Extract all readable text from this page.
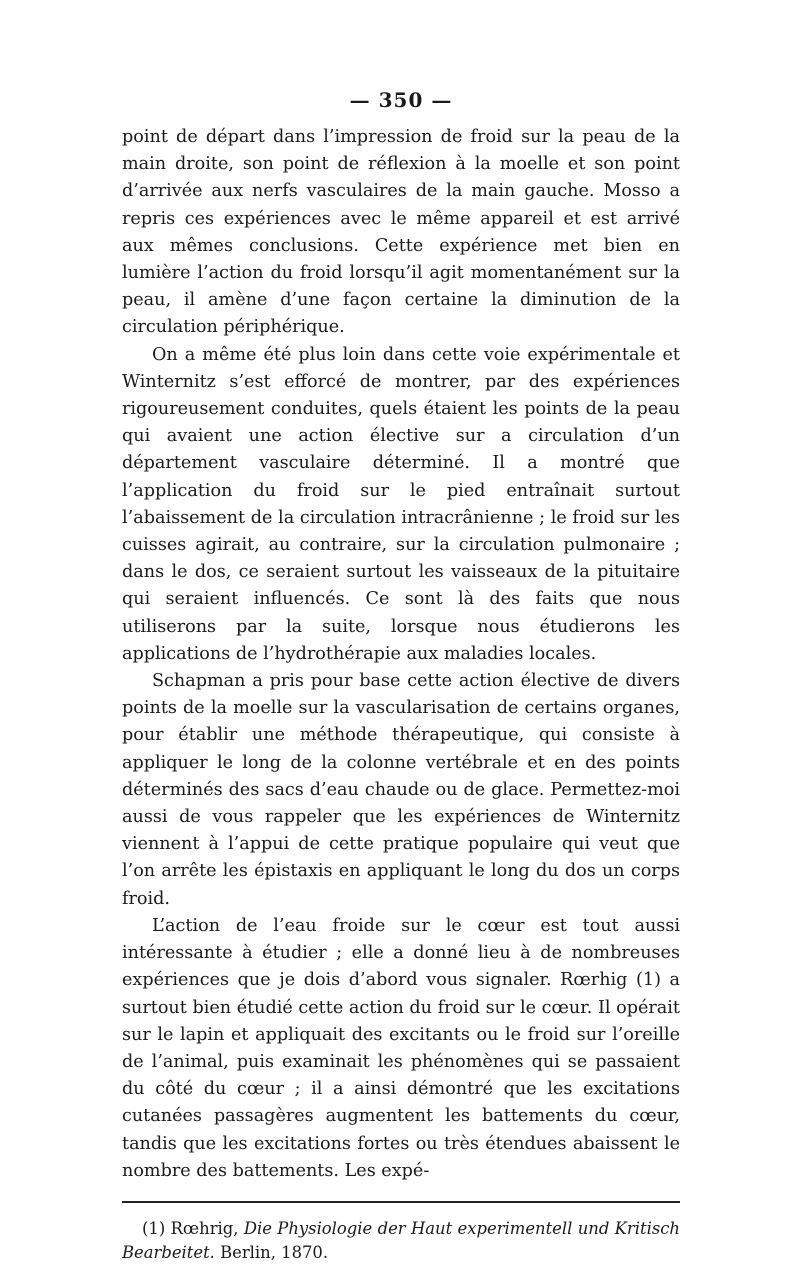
— 350 —

point de départ dans l’impression de froid sur la peau de la main droite, son point de réflexion à la moelle et son point d’arrivée aux nerfs vasculaires de la main gauche. Mosso a repris ces expériences avec le même appareil et est arrivé aux mêmes conclusions. Cette expérience met bien en lumière l’action du froid lorsqu’il agit momentanément sur la peau, il amène d’une façon certaine la diminution de la circulation périphérique.

On a même été plus loin dans cette voie expérimentale et Winternitz s’est efforcé de montrer, par des expériences rigoureusement conduites, quels étaient les points de la peau qui avaient une action élective sur a circulation d’un département vasculaire déterminé. Il a montré que l’application du froid sur le pied entraînait surtout l’abaissement de la circulation intracrânienne ; le froid sur les cuisses agirait, au contraire, sur la circulation pulmonaire ; dans le dos, ce seraient surtout les vaisseaux de la pituitaire qui seraient influencés. Ce sont là des faits que nous utiliserons par la suite, lorsque nous étudierons les applications de l’hydrothérapie aux maladies locales.

Schapman a pris pour base cette action élective de divers points de la moelle sur la vascularisation de certains organes, pour établir une méthode thérapeutique, qui consiste à appliquer le long de la colonne vertébrale et en des points déterminés des sacs d’eau chaude ou de glace. Permettez-moi aussi de vous rappeler que les expériences de Winternitz viennent à l’appui de cette pratique populaire qui veut que l’on arrête les épistaxis en appliquant le long du dos un corps froid.

L’action de l’eau froide sur le cœur est tout aussi intéressante à étudier ; elle a donné lieu à de nombreuses expériences que je dois d’abord vous signaler. Rœrhig (1) a surtout bien étudié cette action du froid sur le cœur. Il opérait sur le lapin et appliquait des excitants ou le froid sur l’oreille de l’animal, puis examinait les phénomènes qui se passaient du côté du cœur ; il a ainsi démontré que les excitations cutanées passagères augmentent les battements du cœur, tandis que les excitations fortes ou très étendues abaissent le nombre des battements. Les expé-

(1) Rœhrig, Die Physiologie der Haut experimentell und Kritisch Bearbeitet. Berlin, 1870.
